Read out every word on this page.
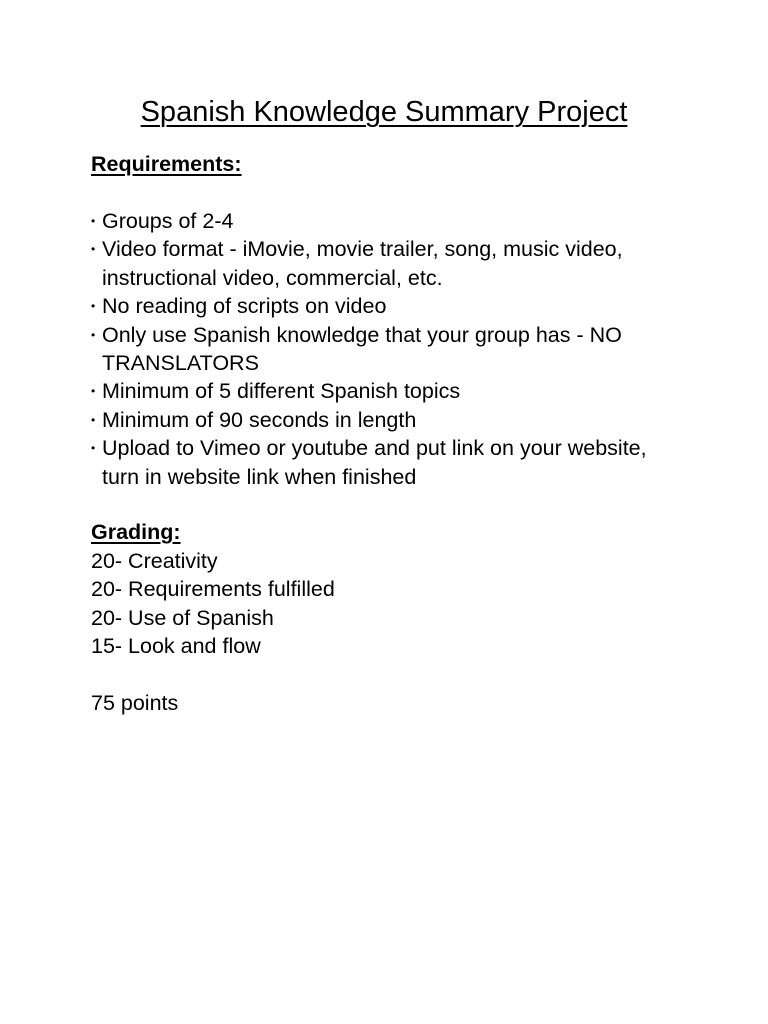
Spanish Knowledge Summary Project
Requirements:
• Groups of 2-4
• Video format - iMovie, movie trailer, song, music video,
instructional video, commercial, etc.
• No reading of scripts on video
• Only use Spanish knowledge that your group has - NO
TRANSLATORS
• Minimum of 5 different Spanish topics
• Minimum of 90 seconds in length
• Upload to Vimeo or youtube and put link on your website,
turn in website link when finished
Grading:
20- Creativity
20- Requirements fulfilled
20- Use of Spanish
15- Look and flow
75 points
